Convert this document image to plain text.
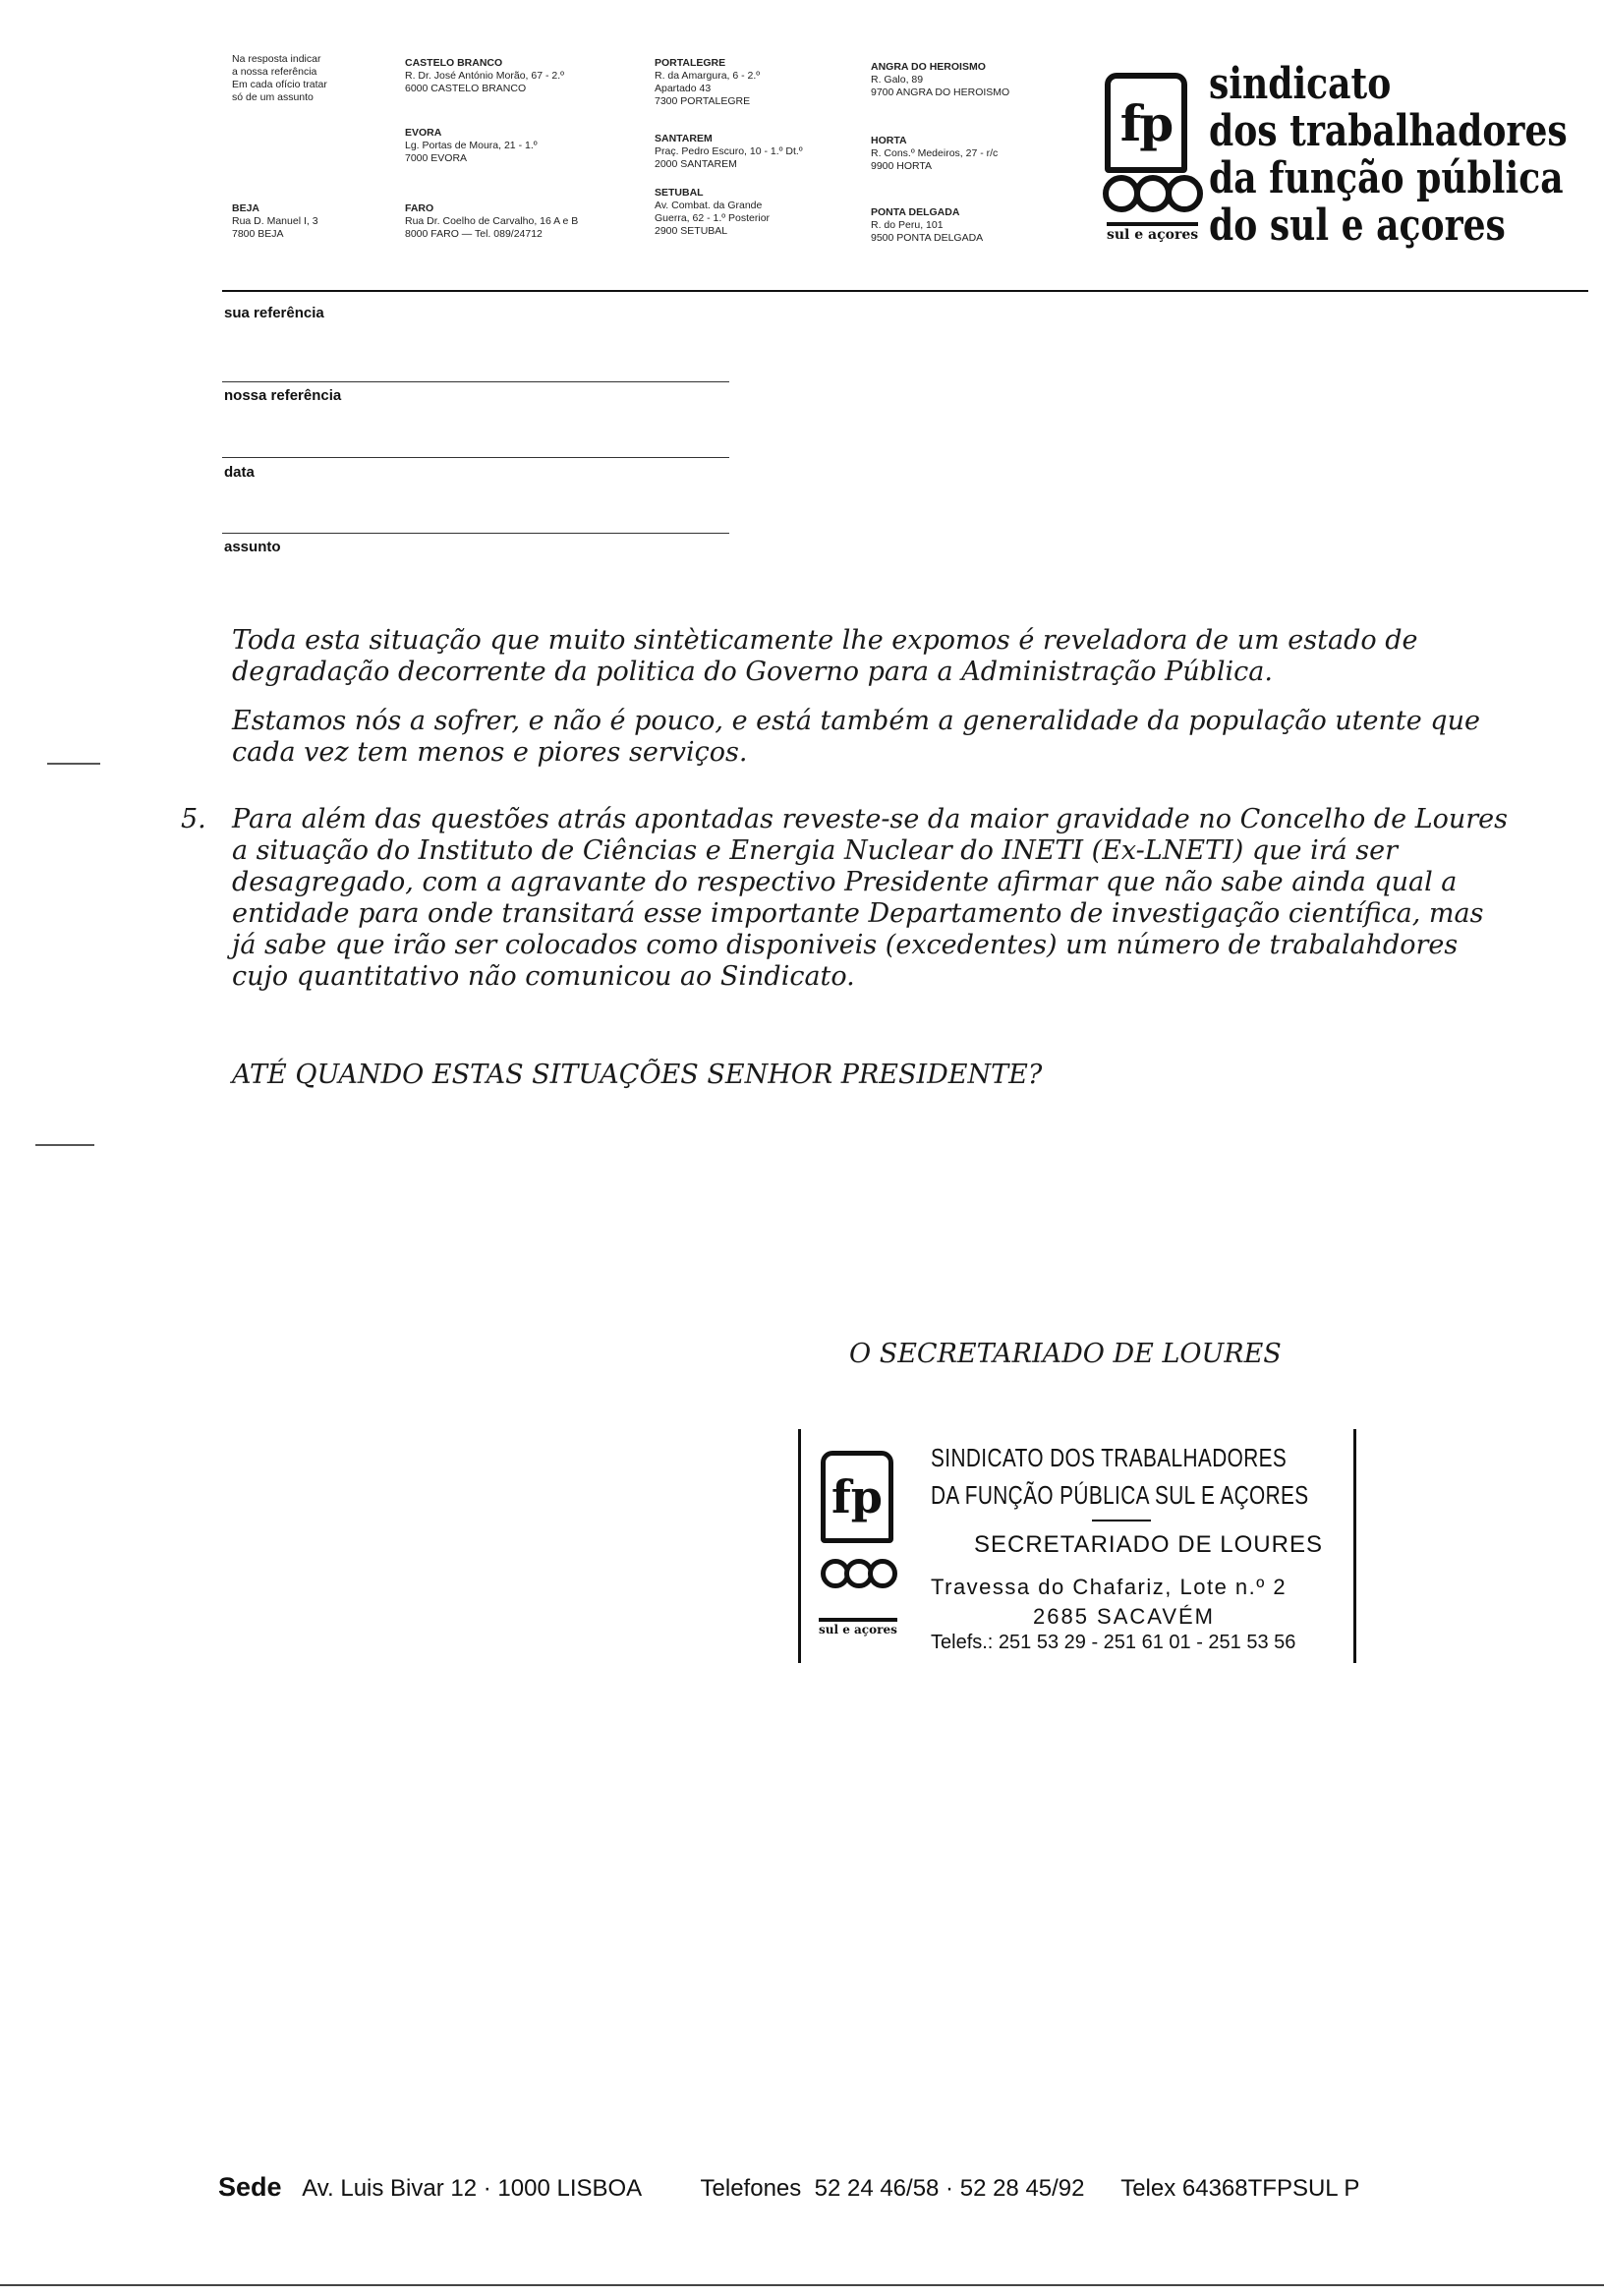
Na resposta indicar
a nossa referência
Em cada ofício tratar
só de um assunto
BEJA
Rua D. Manuel I, 3
7800 BEJA
CASTELO BRANCO
R. Dr. José António Morão, 67 - 2.º
6000 CASTELO BRANCO
EVORA
Lg. Portas de Moura, 21 - 1.º
7000 EVORA
FARO
Rua Dr. Coelho de Carvalho, 16 A e B
8000 FARO — Tel. 089/24712
PORTALEGRE
R. da Amargura, 6 - 2.º
Apartado 43
7300 PORTALEGRE
SANTAREM
Praç. Pedro Escuro, 10 - 1.º Dt.º
2000 SANTAREM
SETUBAL
Av. Combat. da Grande
Guerra, 62 - 1.º Posterior
2900 SETUBAL
ANGRA DO HEROISMO
R. Galo, 89
9700 ANGRA DO HEROISMO
HORTA
R. Cons.º Medeiros, 27 - r/c
9900 HORTA
PONTA DELGADA
R. do Peru, 101
9500 PONTA DELGADA
fp
sul e açores
sindicato
dos trabalhadores
da função pública
do sul e açores
sua referência
nossa referência
data
assunto
Toda esta situação que muito sintèticamente lhe expomos é reveladora de um estado de degradação decorrente da politica do Governo para a Administração Pública.
Estamos nós a sofrer, e não é pouco, e está também a generalidade da população utente que cada vez tem menos e piores serviços.
5. Para além das questões atrás apontadas reveste-se da maior gravidade no Concelho de Loures a situação do Instituto de Ciências e Energia Nuclear do INETI (Ex-LNETI) que irá ser desagregado, com a agravante do respectivo Presidente afirmar que não sabe ainda qual a entidade para onde transitará esse importante Departamento de investigação científica, mas já sabe que irão ser colocados como disponiveis (excedentes) um número de trabalahdores cujo quantitativo não comunicou ao Sindicato.
ATÉ QUANDO ESTAS SITUAÇÕES SENHOR PRESIDENTE?
O SECRETARIADO DE LOURES
fp
sul e açores
SINDICATO DOS TRABALHADORES
DA FUNÇÃO PÚBLICA SUL E AÇORES
SECRETARIADO DE LOURES
Travessa do Chafariz, Lote n.º 2
2685 SACAVÉM
Telefs.: 251 53 29 - 251 61 01 - 251 53 56
Sede Av. Luis Bivar 12 · 1000 LISBOA	Telefones  52 24 46/58 · 52 28 45/92 Telex 64368TFPSUL P
